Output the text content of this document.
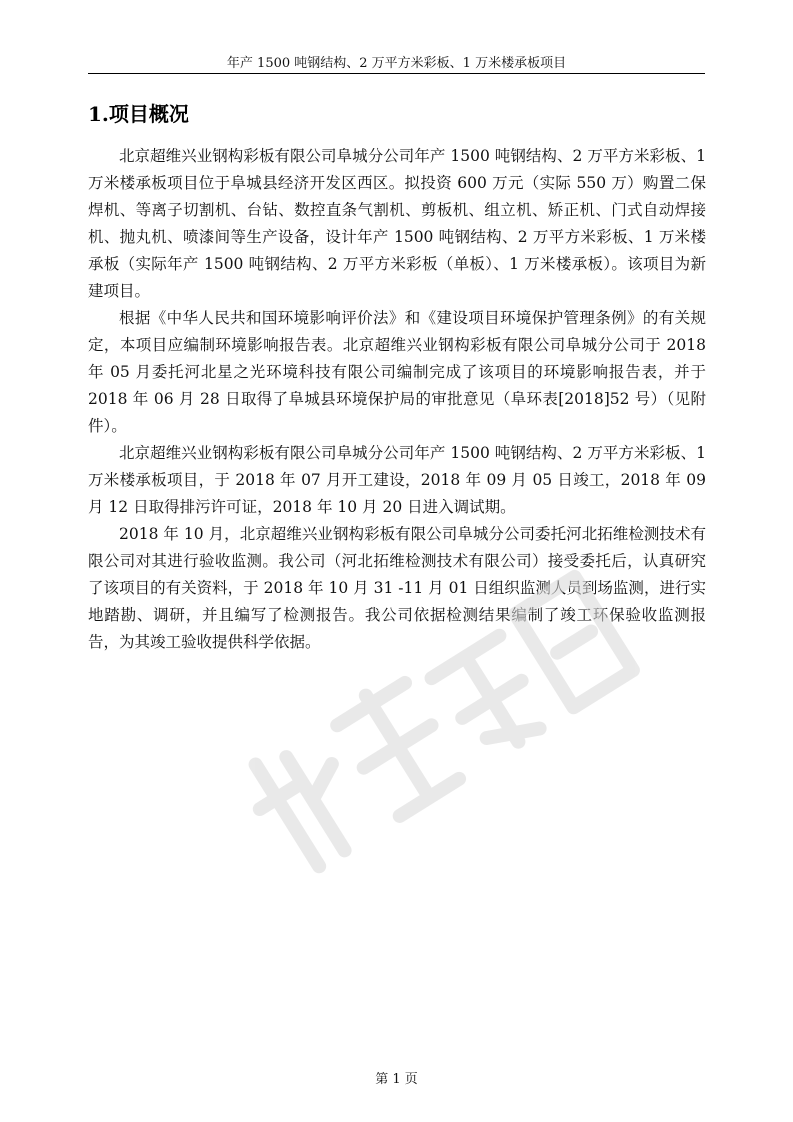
年产 1500 吨钢结构、2 万平方米彩板、1 万米楼承板项目
1.项目概况

北京超维兴业钢构彩板有限公司阜城分公司年产 1500 吨钢结构、2 万平方米彩板、1 万米楼承板项目位于阜城县经济开发区西区。拟投资 600 万元（实际 550 万）购置二保焊机、等离子切割机、台钻、数控直条气割机、剪板机、组立机、矫正机、门式自动焊接机、抛丸机、喷漆间等生产设备，设计年产 1500 吨钢结构、2 万平方米彩板、1 万米楼承板（实际年产 1500 吨钢结构、2 万平方米彩板（单板）、1 万米楼承板）。该项目为新建项目。

根据《中华人民共和国环境影响评价法》和《建设项目环境保护管理条例》的有关规定，本项目应编制环境影响报告表。北京超维兴业钢构彩板有限公司阜城分公司于 2018 年 05 月委托河北星之光环境科技有限公司编制完成了该项目的环境影响报告表，并于 2018 年 06 月 28 日取得了阜城县环境保护局的审批意见（阜环表[2018]52 号）（见附件）。

北京超维兴业钢构彩板有限公司阜城分公司年产 1500 吨钢结构、2 万平方米彩板、1 万米楼承板项目，于 2018 年 07 月开工建设，2018 年 09 月 05 日竣工，2018 年 09 月 12 日取得排污许可证，2018 年 10 月 20 日进入调试期。

2018 年 10 月，北京超维兴业钢构彩板有限公司阜城分公司委托河北拓维检测技术有限公司对其进行验收监测。我公司（河北拓维检测技术有限公司）接受委托后，认真研究了该项目的有关资料，于 2018 年 10 月 31 -11 月 01 日组织监测人员到场监测，进行实地踏勘、调研，并且编写了检测报告。我公司依据检测结果编制了竣工环保验收监测报告，为其竣工验收提供科学依据。

第 1 页
